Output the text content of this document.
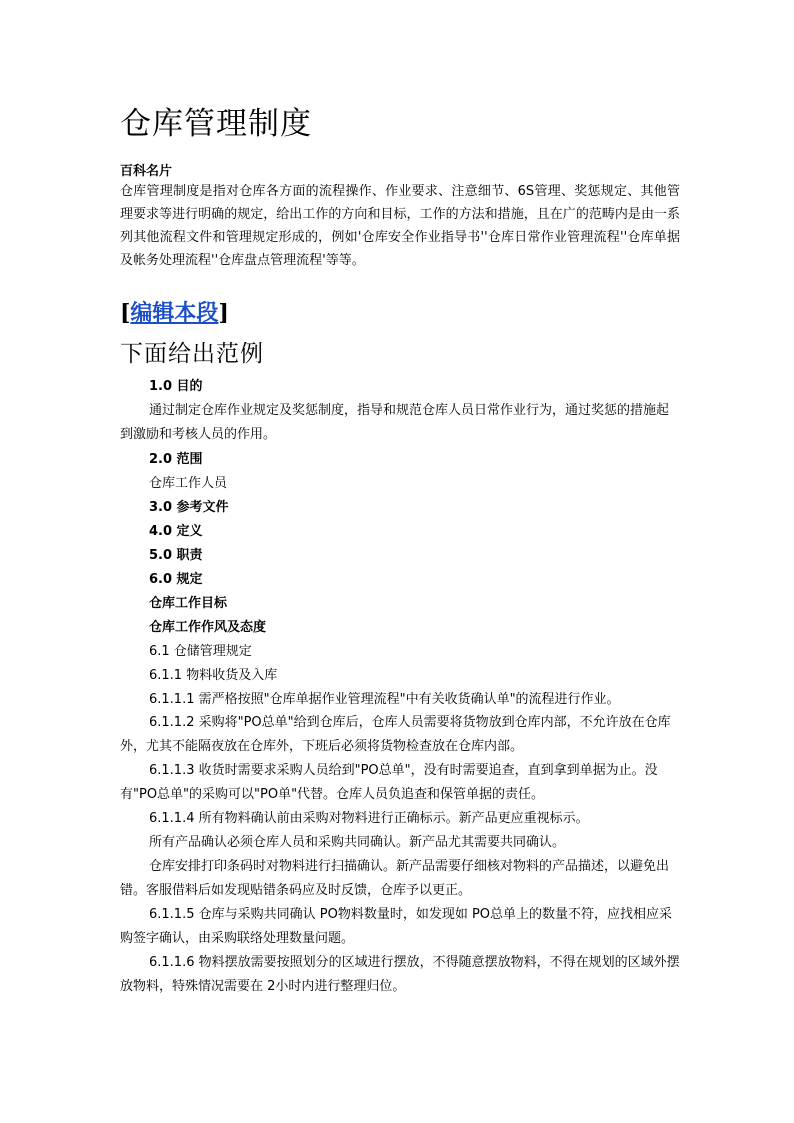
仓库管理制度
百科名片

仓库管理制度是指对仓库各方面的流程操作、作业要求、注意细节、6S管理、奖惩规定、其他管理要求等进行明确的规定，给出工作的方向和目标，工作的方法和措施，且在广的范畴内是由一系列其他流程文件和管理规定形成的，例如'仓库安全作业指导书''仓库日常作业管理流程''仓库单据及帐务处理流程''仓库盘点管理流程'等等。

[编辑本段]
下面给出范例
1.0 目的

通过制定仓库作业规定及奖惩制度，指导和规范仓库人员日常作业行为，通过奖惩的措施起到激励和考核人员的作用。

2.0 范围
仓库工作人员
3.0 参考文件
4.0 定义
5.0 职责
6.0 规定
仓库工作目标
仓库工作作风及态度
6.1 仓储管理规定
6.1.1 物料收货及入库
6.1.1.1 需严格按照"仓库单据作业管理流程"中有关收货确认单"的流程进行作业。

6.1.1.2 采购将"PO总单"给到仓库后，仓库人员需要将货物放到仓库内部，不允许放在仓库外，尤其不能隔夜放在仓库外，下班后必须将货物检查放在仓库内部。

6.1.1.3 收货时需要求采购人员给到"PO总单"，没有时需要追查，直到拿到单据为止。没有"PO总单"的采购可以"PO单"代替。仓库人员负追查和保管单据的责任。

6.1.1.4 所有物料确认前由采购对物料进行正确标示。新产品更应重视标示。

所有产品确认必须仓库人员和采购共同确认。新产品尤其需要共同确认。

仓库安排打印条码时对物料进行扫描确认。新产品需要仔细核对物料的产品描述，以避免出错。客服借料后如发现贴错条码应及时反馈，仓库予以更正。

6.1.1.5 仓库与采购共同确认 PO物料数量时，如发现如 PO总单上的数量不符，应找相应采购签字确认，由采购联络处理数量问题。

6.1.1.6 物料摆放需要按照划分的区域进行摆放，不得随意摆放物料，不得在规划的区域外摆放物料，特殊情况需要在 2小时内进行整理归位。
